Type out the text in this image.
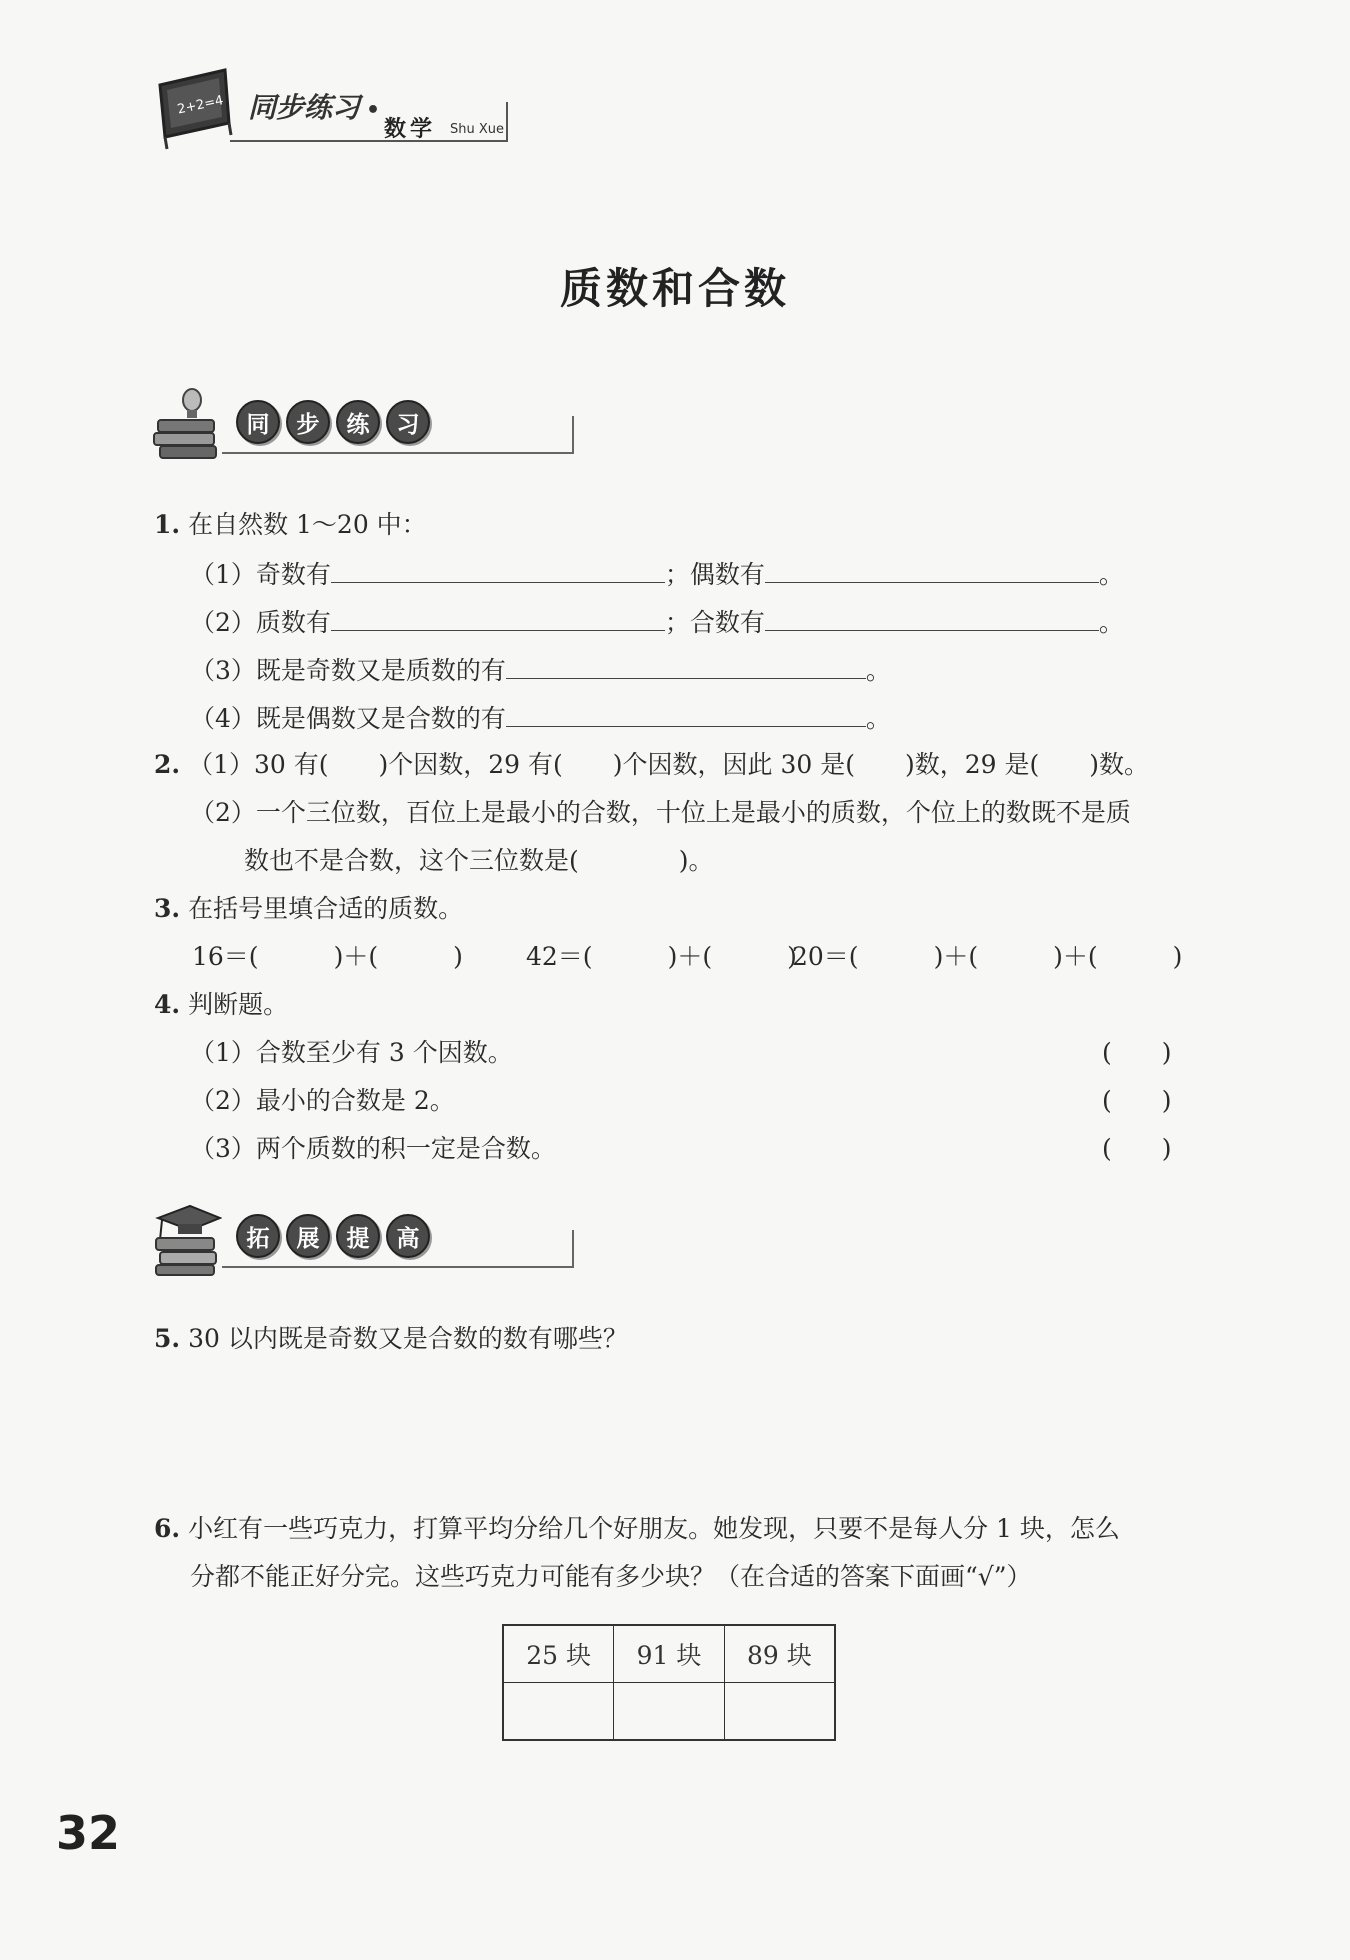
2+2=4 同步练习 •
数学 Shu Xue
质数和合数
同	步	练	习
1. 在自然数 1～20 中：
（1）奇数有	；偶数有	。
（2）质数有	；合数有	。
（3）既是奇数又是质数的有	。
（4）既是偶数又是合数的有	。
2. （1）30 有(　　)个因数，29 有(　　)个因数，因此 30 是(　　)数，29 是(　　)数。
（2）一个三位数，百位上是最小的合数，十位上是最小的质数，个位上的数既不是质
数也不是合数，这个三位数是(　　　　)。
3. 在括号里填合适的质数。
16＝(　　　)＋(　　　)	42＝(　　　)＋(　　　)
20＝(　　　)＋(　　　)＋(　　　)
4. 判断题。
（1）合数至少有 3 个因数。	(　　)
（2）最小的合数是 2。	(　　)
（3）两个质数的积一定是合数。	(　　)
拓	展	提	高
5. 30 以内既是奇数又是合数的数有哪些？
6. 小红有一些巧克力，打算平均分给几个好朋友。她发现，只要不是每人分 1 块，怎么
分都不能正好分完。这些巧克力可能有多少块？（在合适的答案下面画“√”）
25 块	91 块	89 块

32
